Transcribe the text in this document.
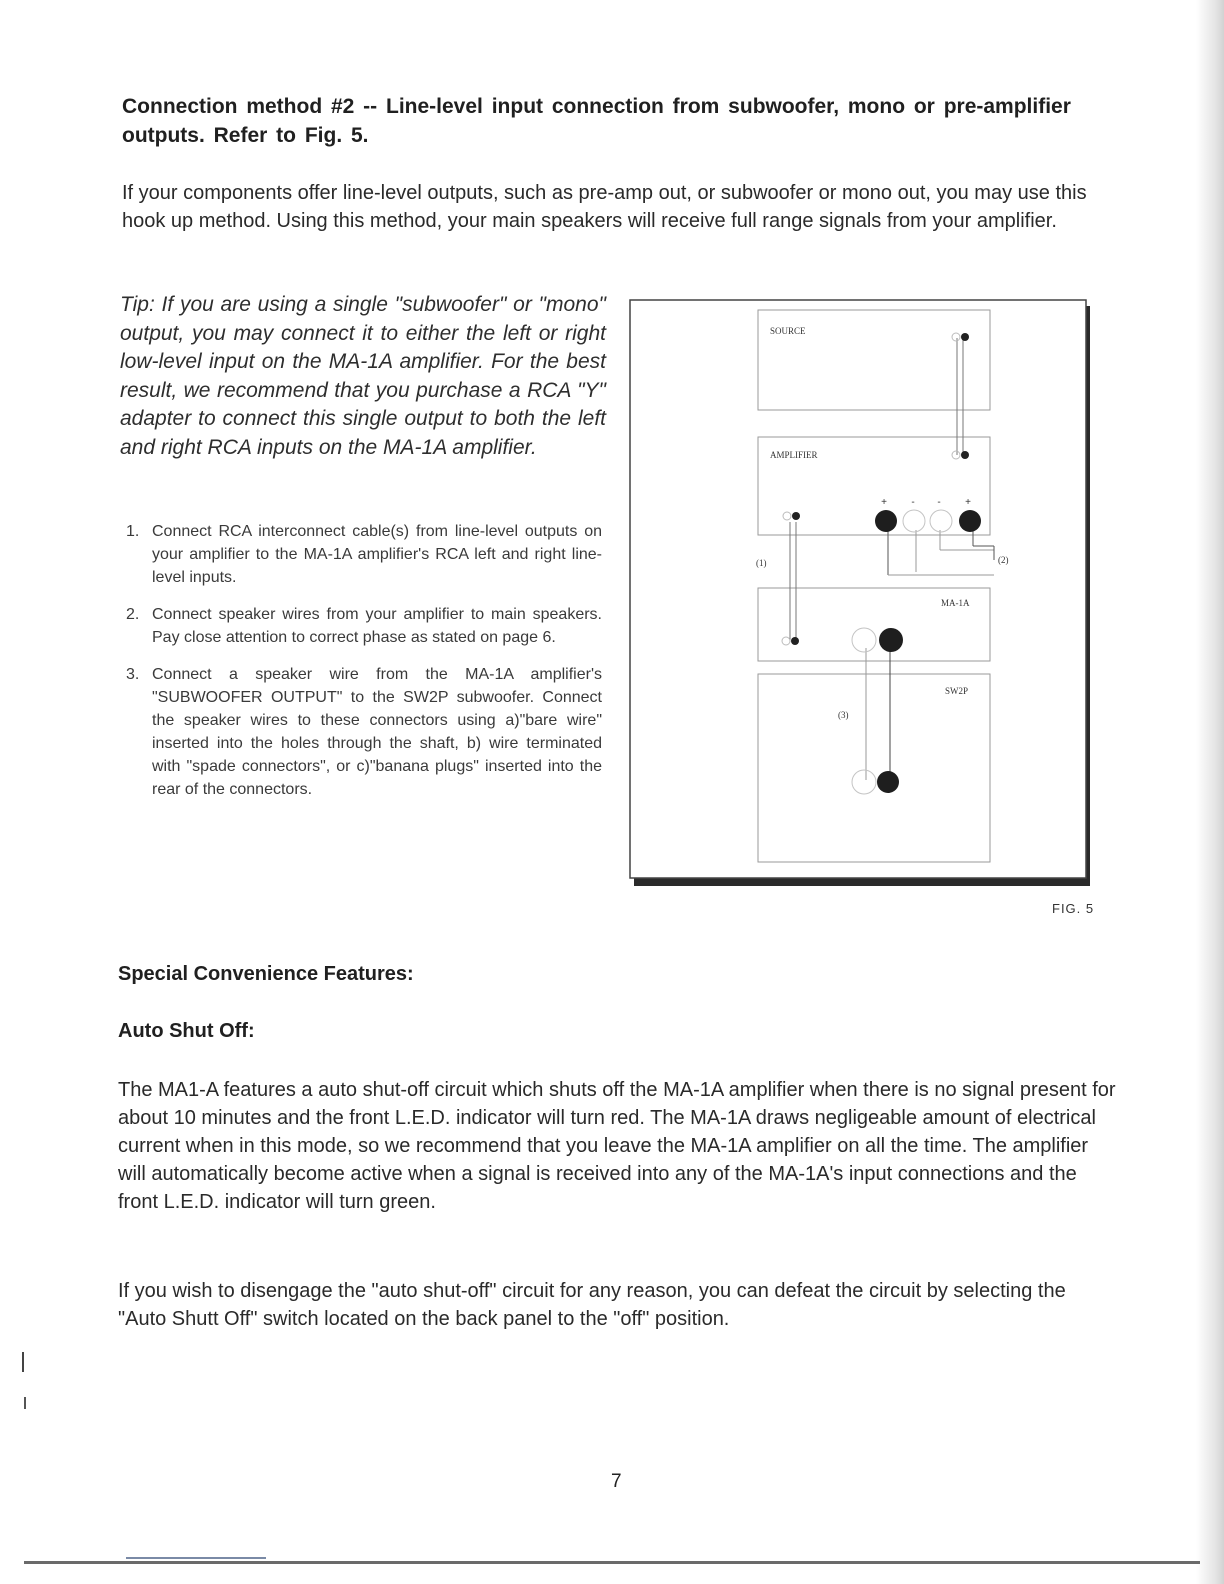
Connection method #2 -- Line-level input connection from subwoofer, mono or pre-amplifier outputs. Refer to Fig. 5.
If your components offer line-level outputs, such as pre-amp out, or subwoofer or mono out, you may use this hook up method. Using this method, your main speakers will receive full range signals from your amplifier.
Tip: If you are using a single "subwoofer" or "mono" output, you may connect it to either the left or right low-level input on the MA-1A amplifier. For the best result, we recommend that you purchase a RCA "Y" adapter to connect this single output to both the left and right RCA inputs on the MA-1A amplifier.
1. Connect RCA interconnect cable(s) from line-level outputs on your amplifier to the MA-1A amplifier's RCA left and right line-level inputs.
2. Connect speaker wires from your amplifier to main speakers. Pay close attention to correct phase as stated on page 6.
3. Connect a speaker wire from the MA-1A amplifier's "SUBWOOFER OUTPUT" to the SW2P subwoofer. Connect the speaker wires to these connectors using a)"bare wire" inserted into the holes through the shaft, b) wire terminated with "spade connectors", or c)"banana plugs" inserted into the rear of the connectors.
SOURCE
AMPLIFIER
MA-1A
SW2P
(1)	(2)
(3)
+ - - +
FIG. 5
Special Convenience Features:
Auto Shut Off:
The MA1-A features a auto shut-off circuit which shuts off the MA-1A amplifier when there is no signal present for about 10 minutes and the front L.E.D. indicator will turn red. The MA-1A draws negligeable amount of electrical current when in this mode, so we recommend that you leave the MA-1A amplifier on all the time. The amplifier will automatically become active when a signal is received into any of the MA-1A's input connections and the front L.E.D. indicator will turn green.
If you wish to disengage the "auto shut-off" circuit for any reason, you can defeat the circuit by selecting the "Auto Shutt Off" switch located on the back panel to the "off" position.
7
